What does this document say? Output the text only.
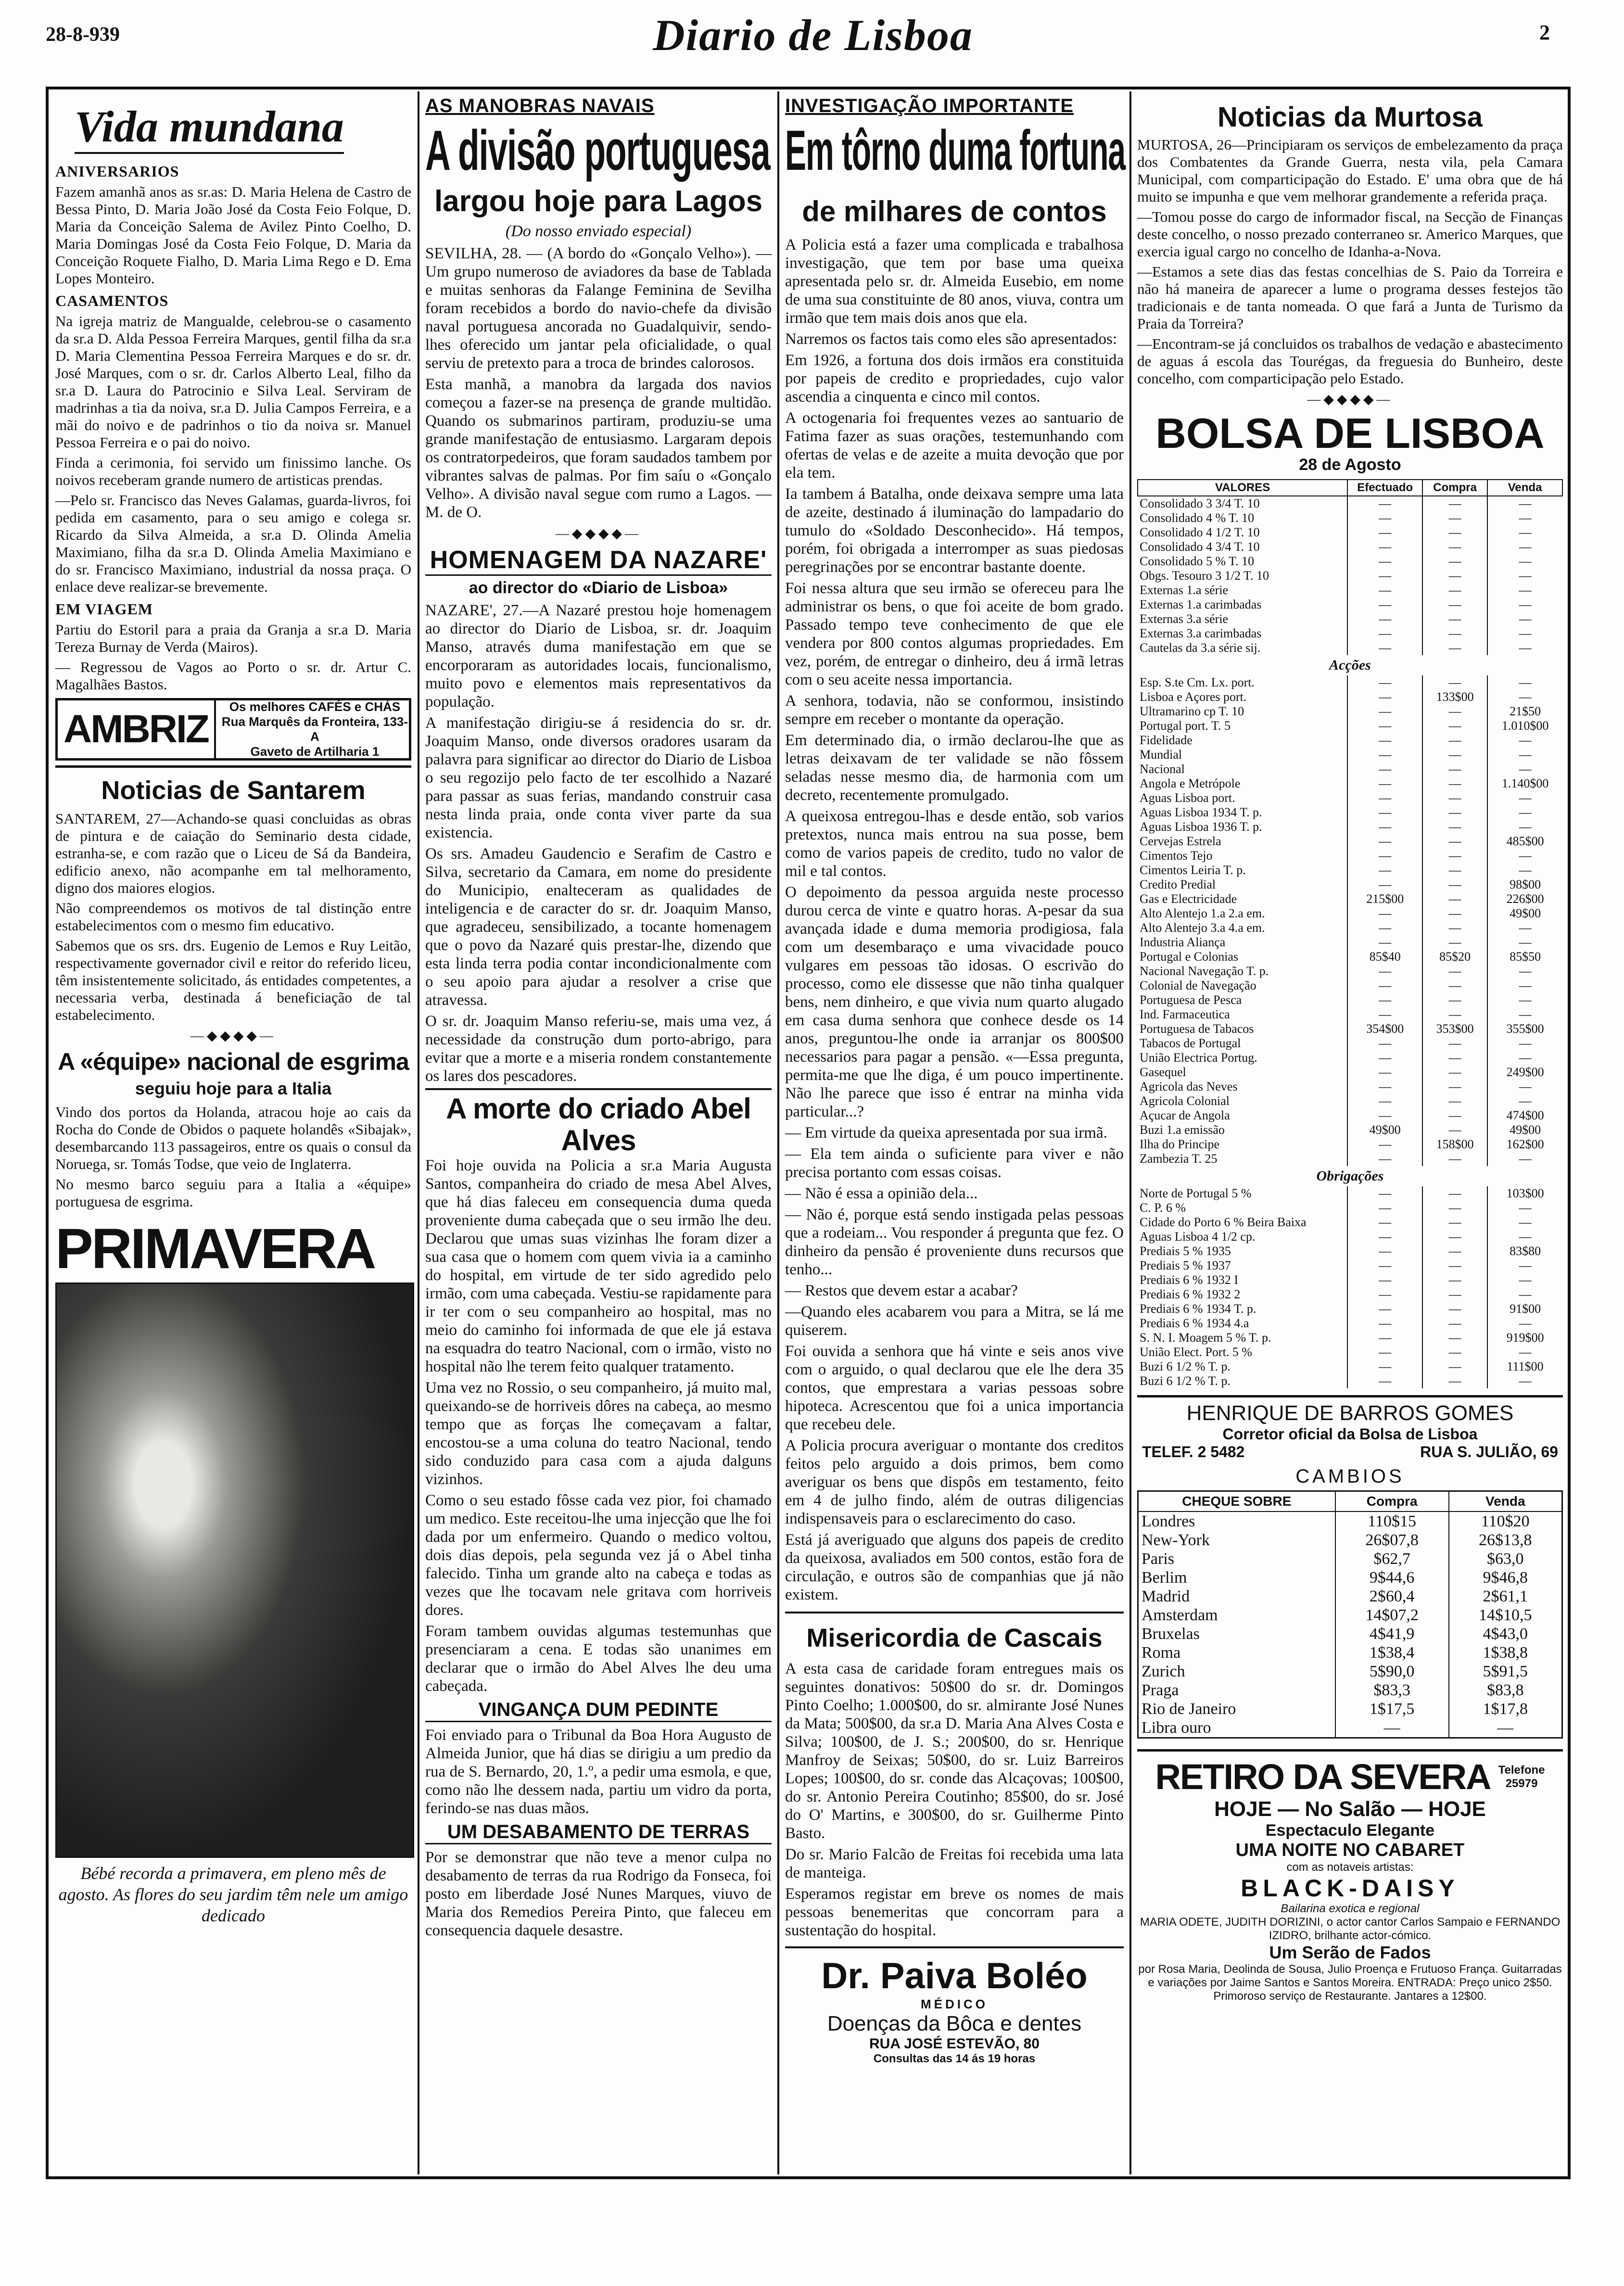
28-8-939	Diario de Lisboa	2
Vida mundana
ANIVERSARIOS

Fazem amanhã anos as sr.as: D. Maria Helena de Castro de Bessa Pinto, D. Maria João José da Costa Feio Folque, D. Maria da Conceição Salema de Avilez Pinto Coelho, D. Maria Domingas José da Costa Feio Folque, D. Maria da Conceição Roquete Fialho, D. Maria Lima Rego e D. Ema Lopes Monteiro.

CASAMENTOS

Na igreja matriz de Mangualde, celebrou-se o casamento da sr.a D. Alda Pessoa Ferreira Marques, gentil filha da sr.a D. Maria Clementina Pessoa Ferreira Marques e do sr. dr. José Marques, com o sr. dr. Carlos Alberto Leal, filho da sr.a D. Laura do Patrocinio e Silva Leal. Serviram de madrinhas a tia da noiva, sr.a D. Julia Campos Ferreira, e a mãi do noivo e de padrinhos o tio da noiva sr. Manuel Pessoa Ferreira e o pai do noivo.

Finda a cerimonia, foi servido um finissimo lanche. Os noivos receberam grande numero de artisticas prendas.

—Pelo sr. Francisco das Neves Galamas, guarda-livros, foi pedida em casamento, para o seu amigo e colega sr. Ricardo da Silva Almeida, a sr.a D. Olinda Amelia Maximiano, filha da sr.a D. Olinda Amelia Maximiano e do sr. Francisco Maximiano, industrial da nossa praça. O enlace deve realizar-se brevemente.

EM VIAGEM

Partiu do Estoril para a praia da Granja a sr.a D. Maria Tereza Burnay de Verda (Mairos).

— Regressou de Vagos ao Porto o sr. dr. Artur C. Magalhães Bastos.

AMBRIZ
Os melhores CAFÉS e CHÁS
Rua Marquês da Fronteira, 133-A
Gaveto de Artilharia 1
Noticias de Santarem

SANTAREM, 27—Achando-se quasi concluidas as obras de pintura e de caiação do Seminario desta cidade, estranha-se, e com razão que o Liceu de Sá da Bandeira, edificio anexo, não acompanhe em tal melhoramento, digno dos maiores elogios.

Não compreendemos os motivos de tal distinção entre estabelecimentos com o mesmo fim educativo.

Sabemos que os srs. drs. Eugenio de Lemos e Ruy Leitão, respectivamente governador civil e reitor do referido liceu, têm insistentemente solicitado, ás entidades competentes, a necessaria verba, destinada á beneficiação de tal estabelecimento.

—◆◆◆◆—
A «équipe» nacional de esgrima
seguiu hoje para a Italia

Vindo dos portos da Holanda, atracou hoje ao cais da Rocha do Conde de Obidos o paquete holandês «Sibajak», desembarcando 113 passageiros, entre os quais o consul da Noruega, sr. Tomás Todse, que veio de Inglaterra.

No mesmo barco seguiu para a Italia a «équipe» portuguesa de esgrima.

PRIMAVERA
Bébé recorda a primavera, em pleno mês de agosto. As flores do seu jardim têm nele um amigo dedicado
AS MANOBRAS NAVAIS
A divisão portuguesa
largou hoje para Lagos
(Do nosso enviado especial)

SEVILHA, 28. — (A bordo do «Gonçalo Velho»). — Um grupo numeroso de aviadores da base de Tablada e muitas senhoras da Falange Feminina de Sevilha foram recebidos a bordo do navio-chefe da divisão naval portuguesa ancorada no Guadalquivir, sendo-lhes oferecido um jantar pela oficialidade, o qual serviu de pretexto para a troca de brindes calorosos.

Esta manhã, a manobra da largada dos navios começou a fazer-se na presença de grande multidão. Quando os submarinos partiram, produziu-se uma grande manifestação de entusiasmo. Largaram depois os contratorpedeiros, que foram saudados tambem por vibrantes salvas de palmas. Por fim saíu o «Gonçalo Velho». A divisão naval segue com rumo a Lagos. — M. de O.

—◆◆◆◆—
HOMENAGEM DA NAZARE'
ao director do «Diario de Lisboa»

NAZARE', 27.—A Nazaré prestou hoje homenagem ao director do Diario de Lisboa, sr. dr. Joaquim Manso, através duma manifestação em que se encorporaram as autoridades locais, funcionalismo, muito povo e elementos mais representativos da população.

A manifestação dirigiu-se á residencia do sr. dr. Joaquim Manso, onde diversos oradores usaram da palavra para significar ao director do Diario de Lisboa o seu regozijo pelo facto de ter escolhido a Nazaré para passar as suas ferias, mandando construir casa nesta linda praia, onde conta viver parte da sua existencia.

Os srs. Amadeu Gaudencio e Serafim de Castro e Silva, secretario da Camara, em nome do presidente do Municipio, enalteceram as qualidades de inteligencia e de caracter do sr. dr. Joaquim Manso, que agradeceu, sensibilizado, a tocante homenagem que o povo da Nazaré quis prestar-lhe, dizendo que esta linda terra podia contar incondicionalmente com o seu apoio para ajudar a resolver a crise que atravessa.

O sr. dr. Joaquim Manso referiu-se, mais uma vez, á necessidade da construção dum porto-abrigo, para evitar que a morte e a miseria rondem constantemente os lares dos pescadores.

A morte do criado Abel Alves

Foi hoje ouvida na Policia a sr.a Maria Augusta Santos, companheira do criado de mesa Abel Alves, que há dias faleceu em consequencia duma queda proveniente duma cabeçada que o seu irmão lhe deu. Declarou que umas suas vizinhas lhe foram dizer a sua casa que o homem com quem vivia ia a caminho do hospital, em virtude de ter sido agredido pelo irmão, com uma cabeçada. Vestiu-se rapidamente para ir ter com o seu companheiro ao hospital, mas no meio do caminho foi informada de que ele já estava na esquadra do teatro Nacional, com o irmão, visto no hospital não lhe terem feito qualquer tratamento.

Uma vez no Rossio, o seu companheiro, já muito mal, queixando-se de horriveis dôres na cabeça, ao mesmo tempo que as forças lhe começavam a faltar, encostou-se a uma coluna do teatro Nacional, tendo sido conduzido para casa com a ajuda dalguns vizinhos.

Como o seu estado fôsse cada vez pior, foi chamado um medico. Este receitou-lhe uma injecção que lhe foi dada por um enfermeiro. Quando o medico voltou, dois dias depois, pela segunda vez já o Abel tinha falecido. Tinha um grande alto na cabeça e todas as vezes que lhe tocavam nele gritava com horriveis dores.

Foram tambem ouvidas algumas testemunhas que presenciaram a cena. E todas são unanimes em declarar que o irmão do Abel Alves lhe deu uma cabeçada.

VINGANÇA DUM PEDINTE

Foi enviado para o Tribunal da Boa Hora Augusto de Almeida Junior, que há dias se dirigiu a um predio da rua de S. Bernardo, 20, 1.º, a pedir uma esmola, e que, como não lhe dessem nada, partiu um vidro da porta, ferindo-se nas duas mãos.

UM DESABAMENTO DE TERRAS

Por se demonstrar que não teve a menor culpa no desabamento de terras da rua Rodrigo da Fonseca, foi posto em liberdade José Nunes Marques, viuvo de Maria dos Remedios Pereira Pinto, que faleceu em consequencia daquele desastre.

INVESTIGAÇÃO IMPORTANTE
Em tôrno duma fortuna
de milhares de contos

A Policia está a fazer uma complicada e trabalhosa investigação, que tem por base uma queixa apresentada pelo sr. dr. Almeida Eusebio, em nome de uma sua constituinte de 80 anos, viuva, contra um irmão que tem mais dois anos que ela.

Narremos os factos tais como eles são apresentados:

Em 1926, a fortuna dos dois irmãos era constituida por papeis de credito e propriedades, cujo valor ascendia a cinquenta e cinco mil contos.

A octogenaria foi frequentes vezes ao santuario de Fatima fazer as suas orações, testemunhando com ofertas de velas e de azeite a muita devoção que por ela tem.

Ia tambem á Batalha, onde deixava sempre uma lata de azeite, destinado á iluminação do lampadario do tumulo do «Soldado Desconhecido». Há tempos, porém, foi obrigada a interromper as suas piedosas peregrinações por se encontrar bastante doente.

Foi nessa altura que seu irmão se ofereceu para lhe administrar os bens, o que foi aceite de bom grado. Passado tempo teve conhecimento de que ele vendera por 800 contos algumas propriedades. Em vez, porém, de entregar o dinheiro, deu á irmã letras com o seu aceite nessa importancia.

A senhora, todavia, não se conformou, insistindo sempre em receber o montante da operação.

Em determinado dia, o irmão declarou-lhe que as letras deixavam de ter validade se não fôssem seladas nesse mesmo dia, de harmonia com um decreto, recentemente promulgado.

A queixosa entregou-lhas e desde então, sob varios pretextos, nunca mais entrou na sua posse, bem como de varios papeis de credito, tudo no valor de mil e tal contos.

O depoimento da pessoa arguida neste processo durou cerca de vinte e quatro horas. A-pesar da sua avançada idade e duma memoria prodigiosa, fala com um desembaraço e uma vivacidade pouco vulgares em pessoas tão idosas. O escrivão do processo, como ele dissesse que não tinha qualquer bens, nem dinheiro, e que vivia num quarto alugado em casa duma senhora que conhece desde os 14 anos, preguntou-lhe onde ia arranjar os 800$00 necessarios para pagar a pensão. «—Essa preguntа, permita-me que lhe diga, é um pouco impertinente. Não lhe parece que isso é entrar na minha vida particular...?

— Em virtude da queixa apresentada por sua irmã.

— Ela tem ainda o suficiente para viver e não precisa portanto com essas coisas.

— Não é essa a opinião dela...

— Não é, porque está sendo instigada pelas pessoas que a rodeiam... Vou responder á pregunta que fez. O dinheiro da pensão é proveniente duns recursos que tenho...

— Restos que devem estar a acabar?

—Quando eles acabarem vou para a Mitra, se lá me quiserem.

Foi ouvida a senhora que há vinte e seis anos vive com o arguido, o qual declarou que ele lhe dera 35 contos, que emprestara a varias pessoas sobre hipoteca. Acrescentou que foi a unica importancia que recebeu dele.

A Policia procura averiguar o montante dos creditos feitos pelo arguido a dois primos, bem como averiguar os bens que dispôs em testamento, feito em 4 de julho findo, além de outras diligencias indispensaveis para o esclarecimento do caso.

Está já averiguado que alguns dos papeis de credito da queixosa, avaliados em 500 contos, estão fora de circulação, e outros são de companhias que já não existem.

Misericordia de Cascais

A esta casa de caridade foram entregues mais os seguintes donativos: 50$00 do sr. dr. Domingos Pinto Coelho; 1.000$00, do sr. almirante José Nunes da Mata; 500$00, da sr.a D. Maria Ana Alves Costa e Silva; 100$00, de J. S.; 200$00, do sr. Henrique Manfroy de Seixas; 50$00, do sr. Luiz Barreiros Lopes; 100$00, do sr. conde das Alcaçovas; 100$00, do sr. Antonio Pereira Coutinho; 85$00, do sr. José do O' Martins, e 300$00, do sr. Guilherme Pinto Basto.

Do sr. Mario Falcão de Freitas foi recebida uma lata de manteiga.

Esperamos registar em breve os nomes de mais pessoas benemeritas que concorram para a sustentação do hospital.

Dr. Paiva Boléo
MÉDICO
Doenças da Bôca e dentes
RUA JOSÉ ESTEVÃO, 80
Consultas das 14 ás 19 horas
Noticias da Murtosa

MURTOSA, 26—Principiaram os serviços de embelezamento da praça dos Combatentes da Grande Guerra, nesta vila, pela Camara Municipal, com comparticipação do Estado. E' uma obra que de há muito se impunha e que vem melhorar grandemente a referida praça.

—Tomou posse do cargo de informador fiscal, na Secção de Finanças deste concelho, o nosso prezado conterraneo sr. Americo Marques, que exercia igual cargo no concelho de Idanha-a-Nova.

—Estamos a sete dias das festas concelhias de S. Paio da Torreira e não há maneira de aparecer a lume o programa desses festejos tão tradicionais e de tanta nomeada. O que fará a Junta de Turismo da Praia da Torreira?

—Encontram-se já concluidos os trabalhos de vedação e abastecimento de aguas á escola das Tourégas, da freguesia do Bunheiro, deste concelho, com comparticipação pelo Estado.

—◆◆◆◆—
BOLSA DE LISBOA
28 de Agosto
VALORES	Efectuado	Compra	Venda
Consolidado 3 3/4 T. 10	—	—	—
Consolidado 4 % T. 10	—	—	—
Consolidado 4 1/2 T. 10	—	—	—
Consolidado 4 3/4 T. 10	—	—	—
Consolidado 5 % T. 10	—	—	—
Obgs. Tesouro 3 1/2 T. 10	—	—	—
Externas 1.a série	—	—	—
Externas 1.a carimbadas	—	—	—
Externas 3.a série	—	—	—
Externas 3.a carimbadas	—	—	—
Cautelas da 3.a série sij.	—	—	—
Acções			
Esp. S.te Cm. Lx. port.	—	—	—
Lisboa e Açores port.	—	133$00	—
Ultramarino cp T. 10	—	—	21$50
Portugal port. T. 5	—	—	1.010$00
Fidelidade	—	—	—
Mundial	—	—	—
Nacional	—	—	—
Angola e Metrópole	—	—	1.140$00
Aguas Lisboa port.	—	—	—
Aguas Lisboa 1934 T. p.	—	—	—
Aguas Lisboa 1936 T. p.	—	—	—
Cervejas Estrela	—	—	485$00
Cimentos Tejo	—	—	—
Cimentos Leiria T. p.	—	—	—
Credito Predial	—	—	98$00
Gas e Electricidade	215$00	—	226$00
Alto Alentejo 1.a 2.a em.	—	—	49$00
Alto Alentejo 3.a 4.a em.	—	—	—
Industria Aliança	—	—	—
Portugal e Colonias	85$40	85$20	85$50
Nacional Navegação T. p.	—	—	—
Colonial de Navegação	—	—	—
Portuguesa de Pesca	—	—	—
Ind. Farmaceutica	—	—	—
Portuguesa de Tabacos	354$00	353$00	355$00
Tabacos de Portugal	—	—	—
União Electrica Portug.	—	—	—
Gasequel	—	—	249$00
Agricola das Neves	—	—	—
Agricola Colonial	—	—	—
Açucar de Angola	—	—	474$00
Buzi 1.a emissão	49$00	—	49$00
Ilha do Principe	—	158$00	162$00
Zambezia T. 25	—	—	—
Obrigações			
Norte de Portugal 5 %	—	—	103$00
C. P. 6 %	—	—	—
Cidade do Porto 6 % Beira Baixa	—	—	—
Aguas Lisboa 4 1/2 cp.	—	—	—
Prediais 5 % 1935	—	—	83$80
Prediais 5 % 1937	—	—	—
Prediais 6 % 1932 I	—	—	—
Prediais 6 % 1932 2	—	—	—
Prediais 6 % 1934 T. p.	—	—	91$00
Prediais 6 % 1934 4.a	—	—	—
S. N. I. Moagem 5 % T. p.	—	—	919$00
União Elect. Port. 5 %	—	—	—
Buzi 6 1/2 % T. p.	—	—	111$00
Buzi 6 1/2 % T. p.	—	—	—
HENRIQUE DE BARROS GOMES
Corretor oficial da Bolsa de Lisboa
TELEF. 2 5482	RUA S. JULIÃO, 69
CAMBIOS
CHEQUE SOBRE	Compra	Venda
Londres	110$15	110$20
New-York	26$07,8	26$13,8
Paris	$62,7	$63,0
Berlim	9$44,6	9$46,8
Madrid	2$60,4	2$61,1
Amsterdam	14$07,2	14$10,5
Bruxelas	4$41,9	4$43,0
Roma	1$38,4	1$38,8
Zurich	5$90,0	5$91,5
Praga	$83,3	$83,8
Rio de Janeiro	1$17,5	1$17,8
Libra ouro	—	—
RETIRO DA SEVERA Telefone
25979
HOJE — No Salão — HOJE
Espectaculo Elegante
UMA NOITE NO CABARET
com as notaveis artistas:
BLACK-DAISY
Bailarina exotica e regional
MARIA ODETE, JUDITH DORIZINI, o actor cantor Carlos Sampaio e FERNANDO IZIDRO, brilhante actor-cómico.
Um Serão de Fados
por Rosa Maria, Deolinda de Sousa, Julio Proença e Frutuoso França. Guitarradas e variações por Jaime Santos e Santos Moreira. ENTRADA: Preço unico 2$50. Primoroso serviço de Restaurante. Jantares a 12$00.
